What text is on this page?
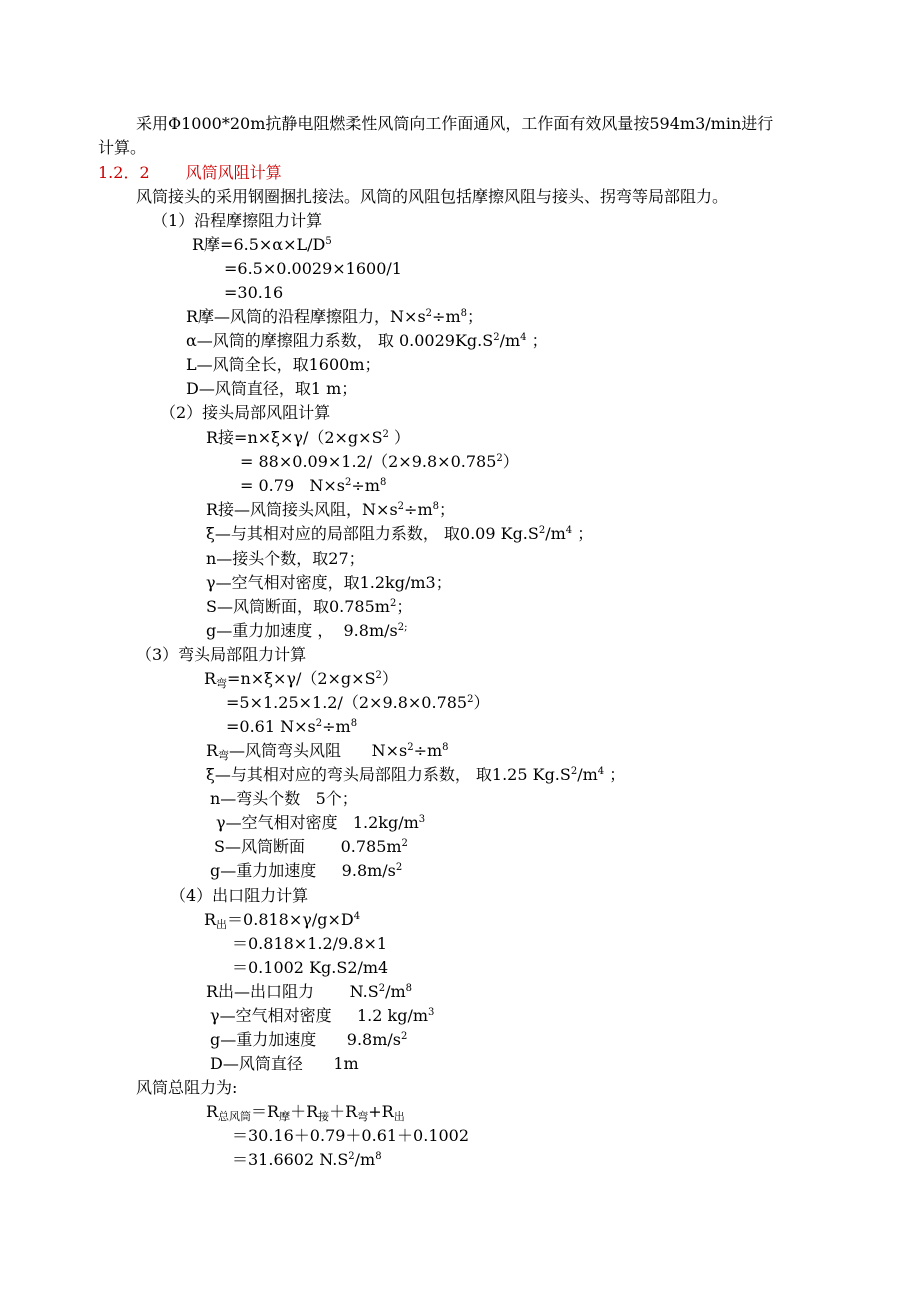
采用Φ1000*20m抗静电阻燃柔性风筒向工作面通风，工作面有效风量按594m3/min进行
计算。
1.2．2 风筒风阻计算
风筒接头的采用钢圈捆扎接法。风筒的风阻包括摩擦风阻与接头、拐弯等局部阻力。
（1）沿程摩擦阻力计算
R摩$=6.5\times\alpha\times L/D^5$
=6.5×0.0029×1600/1
=30.16
R摩—风筒的沿程摩擦阻力，$N\times s^2\div m^8$；
α—风筒的摩擦阻力系数， 取 $0.0029Kg.S^2/m^4$ ；
L—风筒全长，取1600m；
D—风筒直径，取1 m；
（2）接头局部风阻计算
R接$=n\times\xi\times\gamma/(2\times g\times S^2$ ）
= $88\times 0.09\times 1.2/(2\times 9.8\times 0.785^2)$
= 0.79   $N\times s^2\div m^8$
R接—风筒接头风阻，$N\times s^2\div m^8$；
ξ—与其相对应的局部阻力系数， 取0.09 $Kg.S^2/m^4$ ；
n—接头个数，取27；
γ—空气相对密度，取1.2kg/m3；
S—风筒断面，取$0.785m^2$；
g—重力加速度 ，  $9.8m/s^{2;}$
（3）弯头局部阻力计算
$R_弯=n\times\xi\times\gamma/(2\times g\times S^2)$
$=5\times 1.25\times 1.2/(2\times 9.8\times 0.785^2)$
=0.61 $N\times s^2\div m^8$
$R_弯—$风筒弯头风阻      $N\times s^2\div m^8$
ξ—与其相对应的弯头局部阻力系数， 取1.25 $Kg.S^2/m^4$ ；
n—弯头个数   5个；
γ—空气相对密度   $1.2kg/m^3$
S—风筒断面       $0.785m^2$
g—重力加速度     $9.8m/s^2$
（4）出口阻力计算
$R_出=0.818\times\gamma/g\times D^4$
＝0.818×1.2/9.8×1
＝0.1002 Kg.S2/m4
R出—出口阻力       $N.S^2/m^8$
γ—空气相对密度     1.2 $kg/m^3$
g—重力加速度      $9.8m/s^2$
D—风筒直径      1m
风筒总阻力为:
$R_{总风筒}=R_摩+R_接+R_弯+R_出$
＝30.16＋0.79＋0.61＋0.1002
＝31.6602 $N.S^2/m^8$
